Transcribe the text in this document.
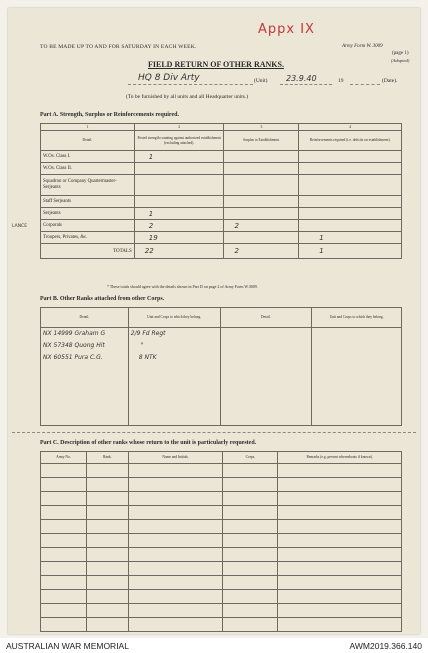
TO BE MADE UP TO AND FOR SATURDAY IN EACH WEEK.
Appx IX
Army Form W. 3009
(page 1)
(Adopted)
FIELD RETURN OF OTHER RANKS.
HQ 8 Div Arty	(Unit) 23.9.40	19	(Date).
(To be furnished by all units and all Headquarter units.)
Part A. Strength, Surplus or Reinforcements required.
1	2	3	4
Detail.	Posted strength counting against authorized establishment (excluding attached).	Surplus to Establishment.	Reinforcements required (i.e. deficits on establishment).
W.Os. Class I.	1		
W.Os. Class II.			
Squadron or Company Quartermaster-Serjeants			
Staff Serjeants			
Serjeants	1		
Corporals	2	2	
Troopers, Privates, &c.	19		1
TOTALS	22	2	1
LANCE
* These totals should agree with the details shown in Part D on page 2 of Army Form W.3009.
Part B. Other Ranks attached from other Corps.
Detail.	Unit and Corps to which they belong.	Detail.	Unit and Corps to which they belong.
NX 14999 Graham G	2/9 Fd Regt		
NX 57348 Quong Hit	"		
NX 60551 Pura C.G.	8 NTK		

Part C. Description of other ranks whose return to the unit is particularly requested.
Army No.	Rank.	Name and Initials.	Corps.	Remarks (e.g. present whereabouts if known).

AUSTRALIAN WAR MEMORIAL	AWM2019.366.140
